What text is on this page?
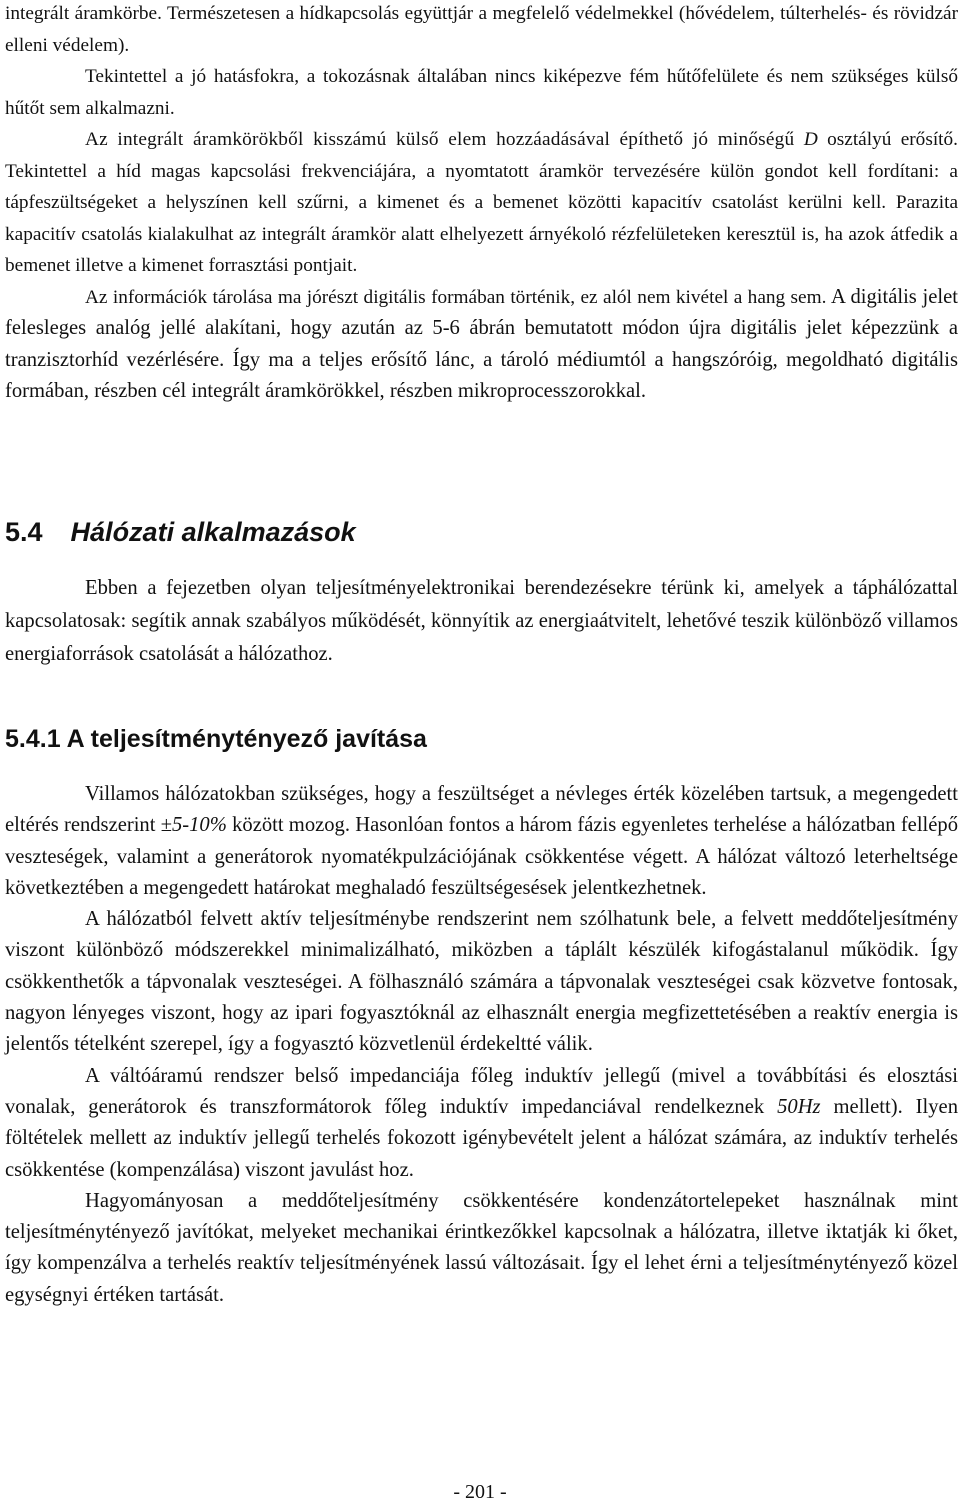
integrált áramkörbe. Természetesen a hídkapcsolás együttjár a megfelelő védelmekkel (hővédelem, túlterhelés- és rövidzár elleni védelem).

Tekintettel a jó hatásfokra, a tokozásnak általában nincs kiképezve fém hűtőfelülete és nem szükséges külső hűtőt sem alkalmazni.

Az integrált áramkörökből kisszámú külső elem hozzáadásával építhető jó minőségű D osztályú erősítő. Tekintettel a híd magas kapcsolási frekvenciájára, a nyomtatott áramkör tervezésére külön gondot kell fordítani: a tápfeszültségeket a helyszínen kell szűrni, a kimenet és a bemenet közötti kapacitív csatolást kerülni kell. Parazita kapacitív csatolás kialakulhat az integrált áramkör alatt elhelyezett árnyékoló rézfelületeken keresztül is, ha azok átfedik a bemenet illetve a kimenet forrasztási pontjait.

Az információk tárolása ma jórészt digitális formában történik, ez alól nem kivétel a hang sem. A digitális jelet felesleges analóg jellé alakítani, hogy azután az 5-6 ábrán bemutatott módon újra digitális jelet képezzünk a tranzisztorhíd vezérlésére. Így ma a teljes erősítő lánc, a tároló médiumtól a hangszóróig, megoldható digitális formában, részben cél integrált áramkörökkel, részben mikroprocesszorokkal.

5.4 Hálózati alkalmazások

Ebben a fejezetben olyan teljesítményelektronikai berendezésekre térünk ki, amelyek a táphálózattal kapcsolatosak: segítik annak szabályos működését, könnyítik az energiaátvitelt, lehetővé teszik különböző villamos energiaforrások csatolását a hálózathoz.

5.4.1 A teljesítménytényező javítása

Villamos hálózatokban szükséges, hogy a feszültséget a névleges érték közelében tartsuk, a megengedett eltérés rendszerint ±5-10% között mozog. Hasonlóan fontos a három fázis egyenletes terhelése a hálózatban fellépő veszteségek, valamint a generátorok nyomatékpulzációjának csökkentése végett. A hálózat változó leterheltsége következtében a megengedett határokat meghaladó feszültségesések jelentkezhetnek.

A hálózatból felvett aktív teljesítménybe rendszerint nem szólhatunk bele, a felvett meddőteljesítmény viszont különböző módszerekkel minimalizálható, miközben a táplált készülék kifogástalanul működik. Így csökkenthetők a tápvonalak veszteségei. A fölhasználó számára a tápvonalak veszteségei csak közvetve fontosak, nagyon lényeges viszont, hogy az ipari fogyasztóknál az elhasznált energia megfizettetésében a reaktív energia is jelentős tételként szerepel, így a fogyasztó közvetlenül érdekeltté válik.

A váltóáramú rendszer belső impedanciája főleg induktív jellegű (mivel a továbbítási és elosztási vonalak, generátorok és transzformátorok főleg induktív impedanciával rendelkeznek 50Hz mellett). Ilyen föltételek mellett az induktív jellegű terhelés fokozott igénybevételt jelent a hálózat számára, az induktív terhelés csökkentése (kompenzálása) viszont javulást hoz.

Hagyományosan a meddőteljesítmény csökkentésére kondenzátortelepeket használnak mint teljesítménytényező javítókat, melyeket mechanikai érintkezőkkel kapcsolnak a hálózatra, illetve iktatják ki őket, így kompenzálva a terhelés reaktív teljesítményének lassú változásait. Így el lehet érni a teljesítménytényező közel egységnyi értéken tartását.

- 201 -
